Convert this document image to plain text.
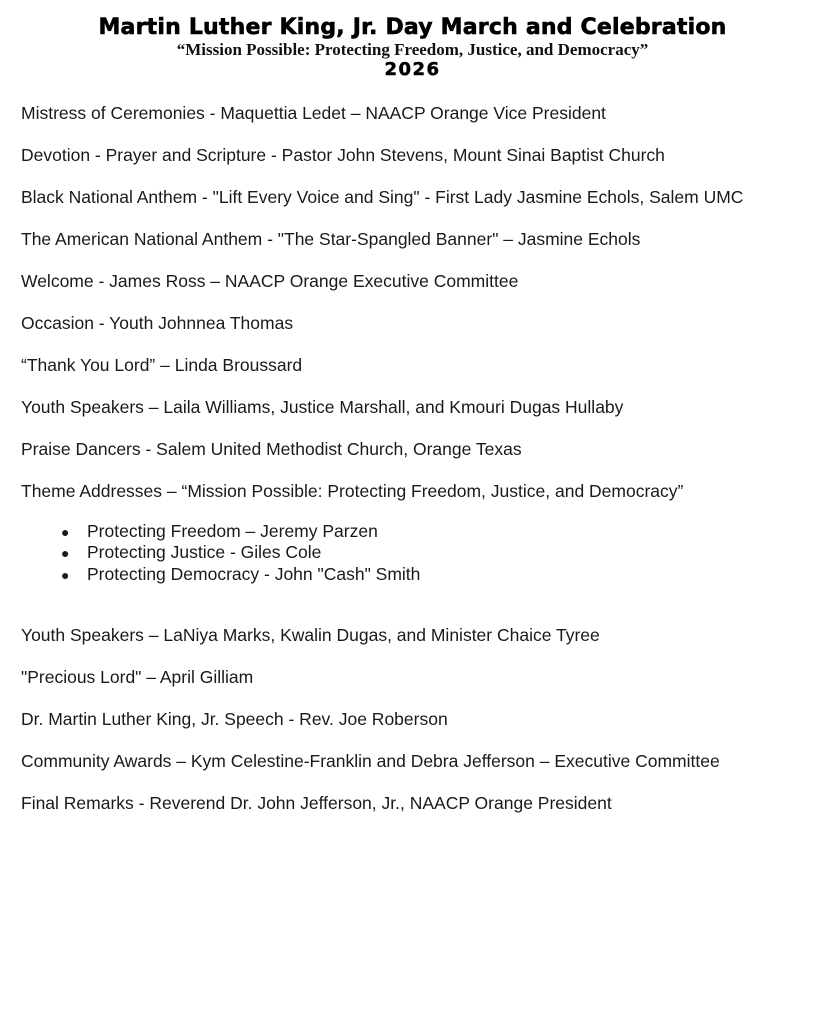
Martin Luther King, Jr. Day March and Celebration
“Mission Possible: Protecting Freedom, Justice, and Democracy”
2026
Mistress of Ceremonies - Maquettia Ledet – NAACP Orange Vice President
Devotion - Prayer and Scripture - Pastor John Stevens, Mount Sinai Baptist Church
Black National Anthem - "Lift Every Voice and Sing" - First Lady Jasmine Echols, Salem UMC
The American National Anthem - "The Star-Spangled Banner" – Jasmine Echols
Welcome - James Ross – NAACP Orange Executive Committee
Occasion - Youth Johnnea Thomas
“Thank You Lord” – Linda Broussard
Youth Speakers – Laila Williams, Justice Marshall, and Kmouri Dugas Hullaby
Praise Dancers - Salem United Methodist Church, Orange Texas
Theme Addresses – “Mission Possible: Protecting Freedom, Justice, and Democracy”
● Protecting Freedom – Jeremy Parzen
● Protecting Justice - Giles Cole
● Protecting Democracy - John "Cash" Smith
Youth Speakers – LaNiya Marks, Kwalin Dugas, and Minister Chaice Tyree
"Precious Lord" – April Gilliam
Dr. Martin Luther King, Jr. Speech - Rev. Joe Roberson
Community Awards – Kym Celestine-Franklin and Debra Jefferson – Executive Committee
Final Remarks - Reverend Dr. John Jefferson, Jr., NAACP Orange President
